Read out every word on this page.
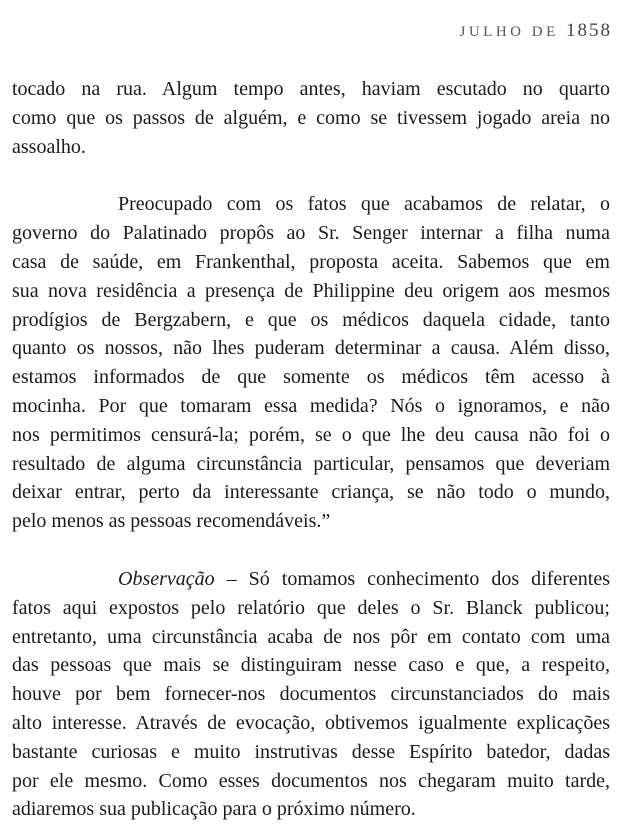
JULHO DE 1858

tocado na rua. Algum tempo antes, haviam escutado no quarto
como que os passos de alguém, e como se tivessem jogado areia no
assoalho.

Preocupado com os fatos que acabamos de relatar, o
governo do Palatinado propôs ao Sr. Senger internar a filha numa
casa de saúde, em Frankenthal, proposta aceita. Sabemos que em
sua nova residência a presença de Philippine deu origem aos mesmos
prodígios de Bergzabern, e que os médicos daquela cidade, tanto
quanto os nossos, não lhes puderam determinar a causa. Além disso,
estamos informados de que somente os médicos têm acesso à
mocinha. Por que tomaram essa medida? Nós o ignoramos, e não
nos permitimos censurá-la; porém, se o que lhe deu causa não foi o
resultado de alguma circunstância particular, pensamos que deveriam
deixar entrar, perto da interessante criança, se não todo o mundo,
pelo menos as pessoas recomendáveis.”

Observação – Só tomamos conhecimento dos diferentes
fatos aqui expostos pelo relatório que deles o Sr. Blanck publicou;
entretanto, uma circunstância acaba de nos pôr em contato com uma
das pessoas que mais se distinguiram nesse caso e que, a respeito,
houve por bem fornecer-nos documentos circunstanciados do mais
alto interesse. Através de evocação, obtivemos igualmente explicações
bastante curiosas e muito instrutivas desse Espírito batedor, dadas
por ele mesmo. Como esses documentos nos chegaram muito tarde,
adiaremos sua publicação para o próximo número.
